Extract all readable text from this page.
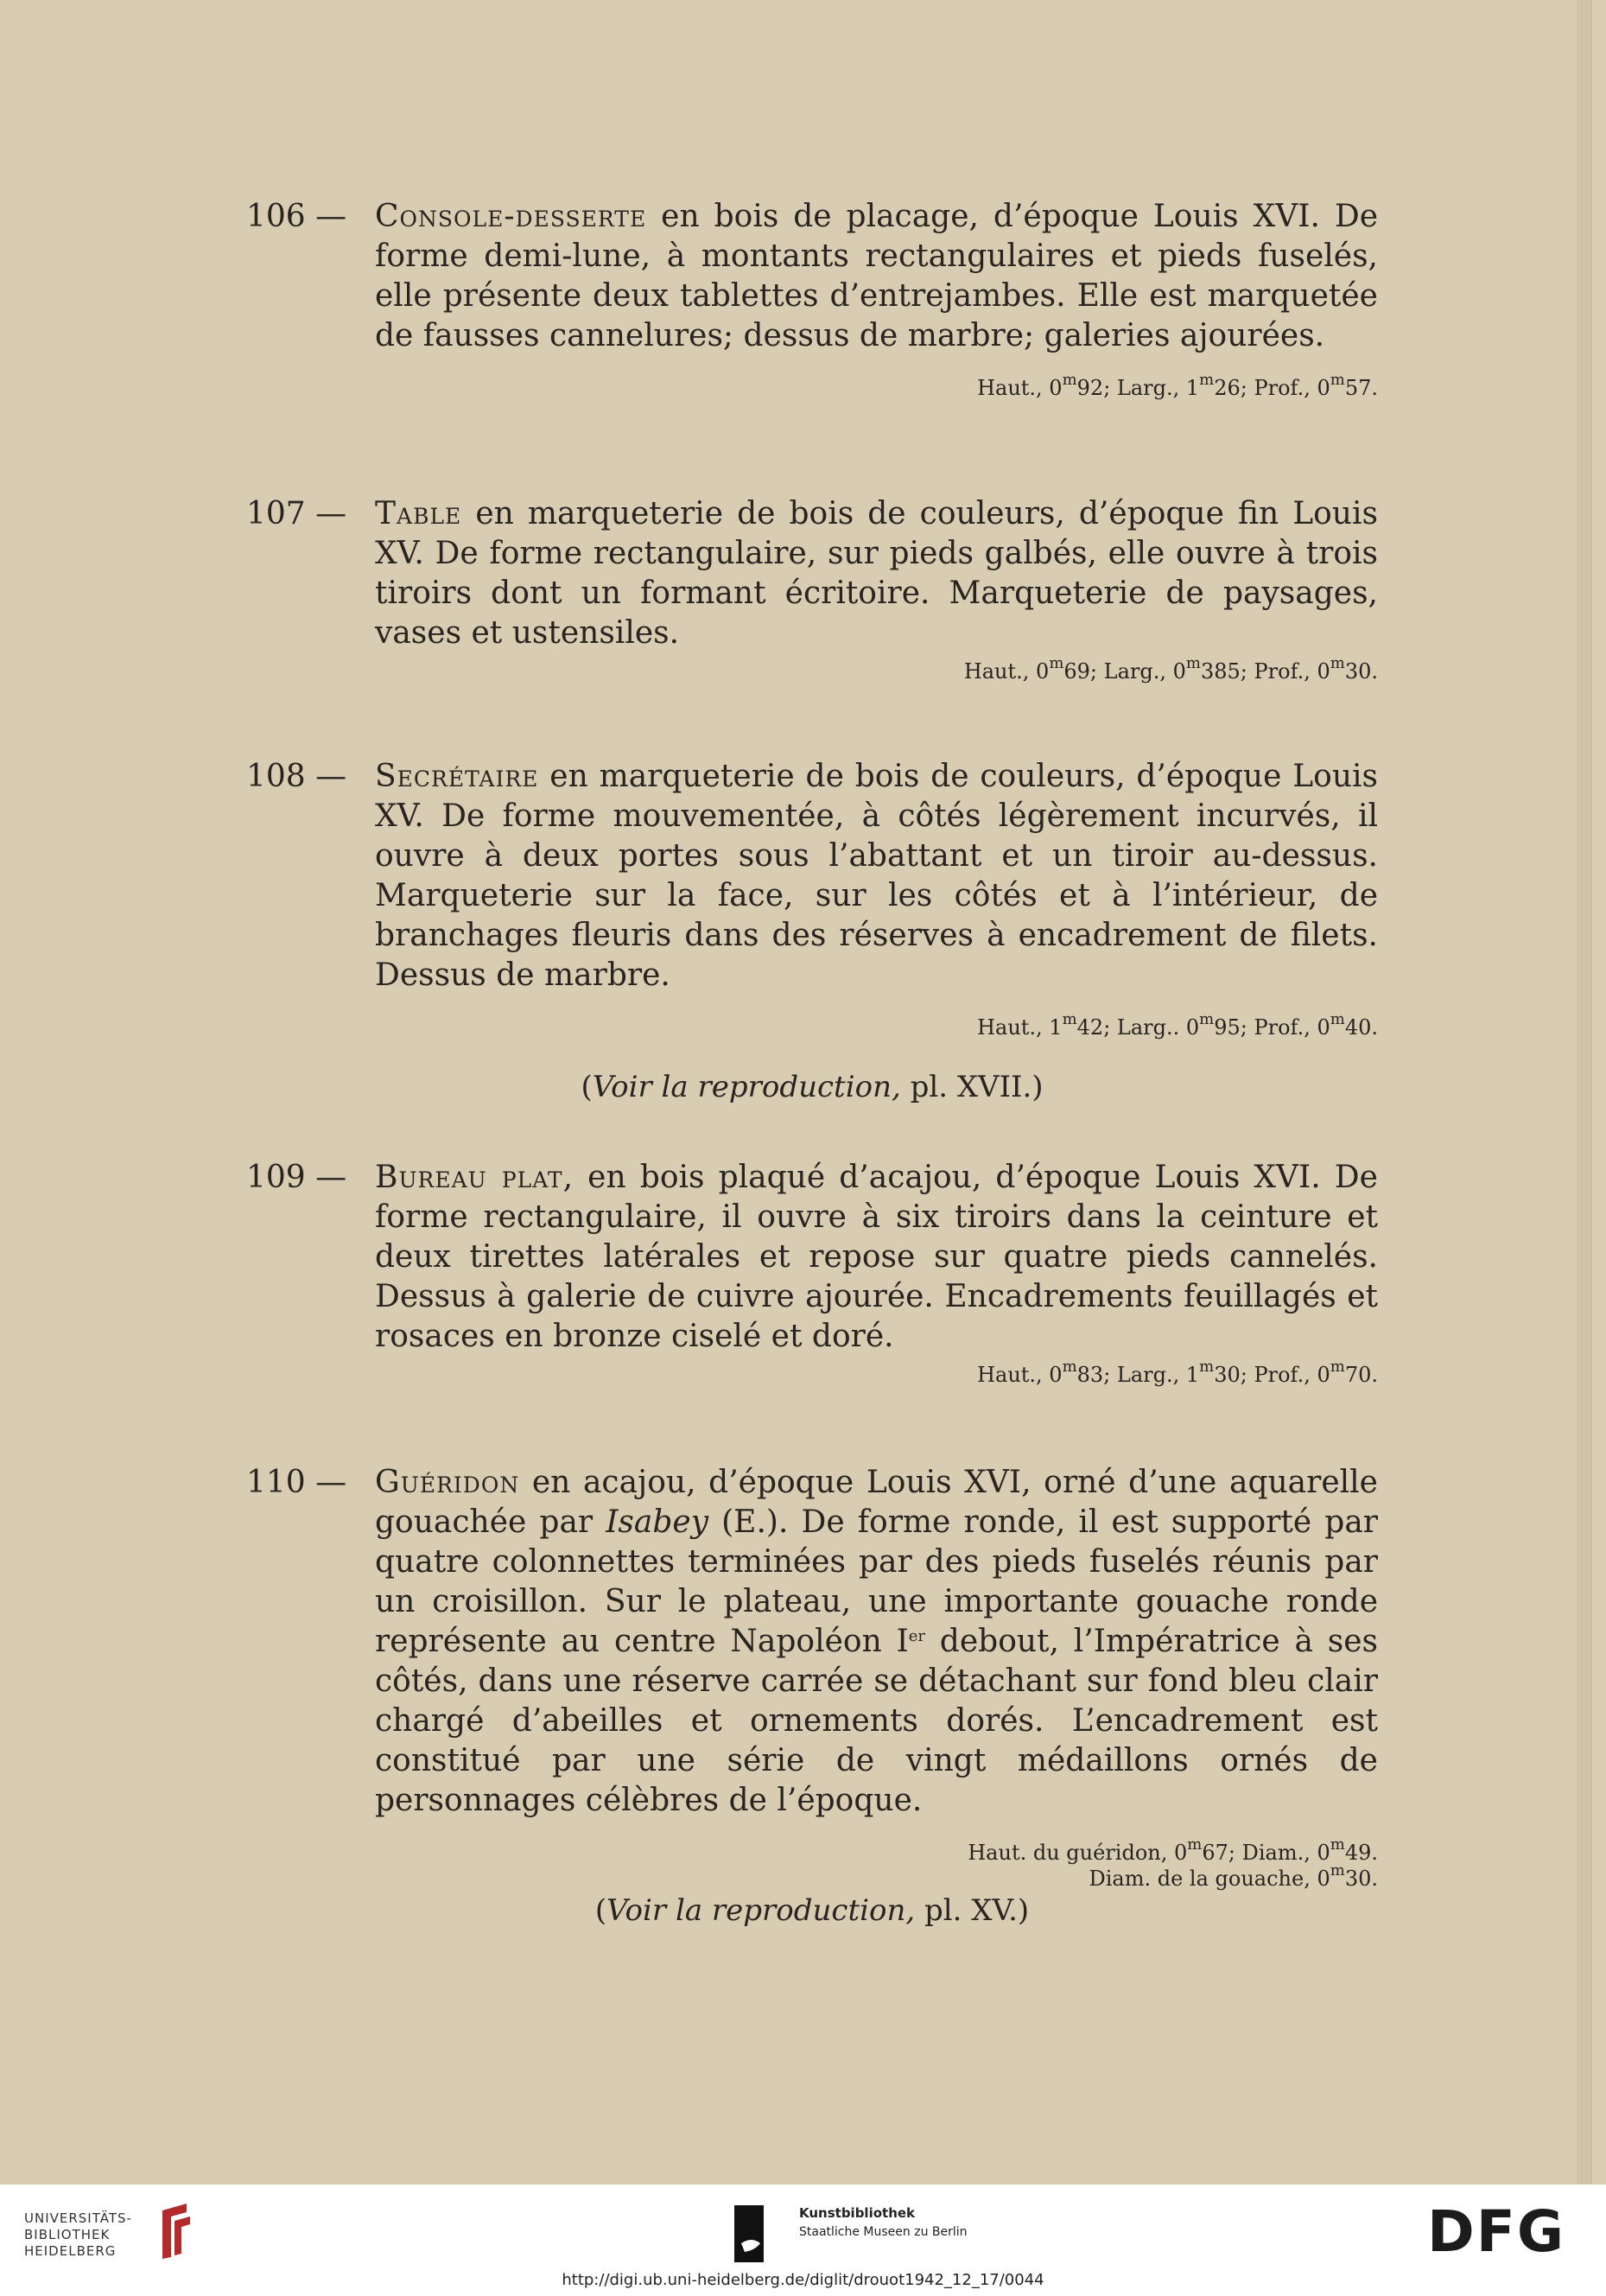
106 — Console-desserte en bois de placage, d’époque Louis XVI. De forme demi-lune, à montants rectangulaires et pieds fuselés, elle présente deux tablettes d’entrejambes. Elle est marquetée de fausses cannelures; dessus de marbre; galeries ajourées.
Haut., 0$^m$92; Larg., 1$^m$26; Prof., 0$^m$57.
107 — Table en marqueterie de bois de couleurs, d’époque fin Louis XV. De forme rectangulaire, sur pieds galbés, elle ouvre à trois tiroirs dont un formant écritoire. Marqueterie de paysages, vases et ustensiles.
Haut., 0$^m$69; Larg., 0$^m$385; Prof., 0$^m$30.
108 — Secrétaire en marqueterie de bois de couleurs, d’époque Louis XV. De forme mouvementée, à côtés légèrement incurvés, il ouvre à deux portes sous l’abattant et un tiroir au-dessus. Marqueterie sur la face, sur les côtés et à l’intérieur, de branchages fleuris dans des réserves à encadrement de filets. Dessus de marbre.
Haut., 1$^m$42; Larg.. 0$^m$95; Prof., 0$^m$40.
(Voir la reproduction, pl. XVII.)
109 — Bureau plat, en bois plaqué d’acajou, d’époque Louis XVI. De forme rectangulaire, il ouvre à six tiroirs dans la ceinture et deux tirettes latérales et repose sur quatre pieds cannelés. Dessus à galerie de cuivre ajourée. Encadrements feuillagés et rosaces en bronze ciselé et doré.
Haut., 0$^m$83; Larg., 1$^m$30; Prof., 0$^m$70.
110 — Guéridon en acajou, d’époque Louis XVI, orné d’une aquarelle gouachée par Isabey (E.). De forme ronde, il est supporté par quatre colonnettes terminées par des pieds fuselés réunis par un croisillon. Sur le plateau, une importante gouache ronde représente au centre Napoléon Ier debout, l’Impératrice à ses côtés, dans une réserve carrée se détachant sur fond bleu clair chargé d’abeilles et ornements dorés. L’encadrement est constitué par une série de vingt médaillons ornés de personnages célèbres de l’époque.
Haut. du guéridon, 0$^m$67; Diam., 0$^m$49.
Diam. de la gouache, 0$^m$30.
(Voir la reproduction, pl. XV.)
UNIVERSITÄTS-
BIBLIOTHEK
HEIDELBERG
Kunstbibliothek
Staatliche Museen zu Berlin	DFG
http://digi.ub.uni-heidelberg.de/diglit/drouot1942_12_17/0044
